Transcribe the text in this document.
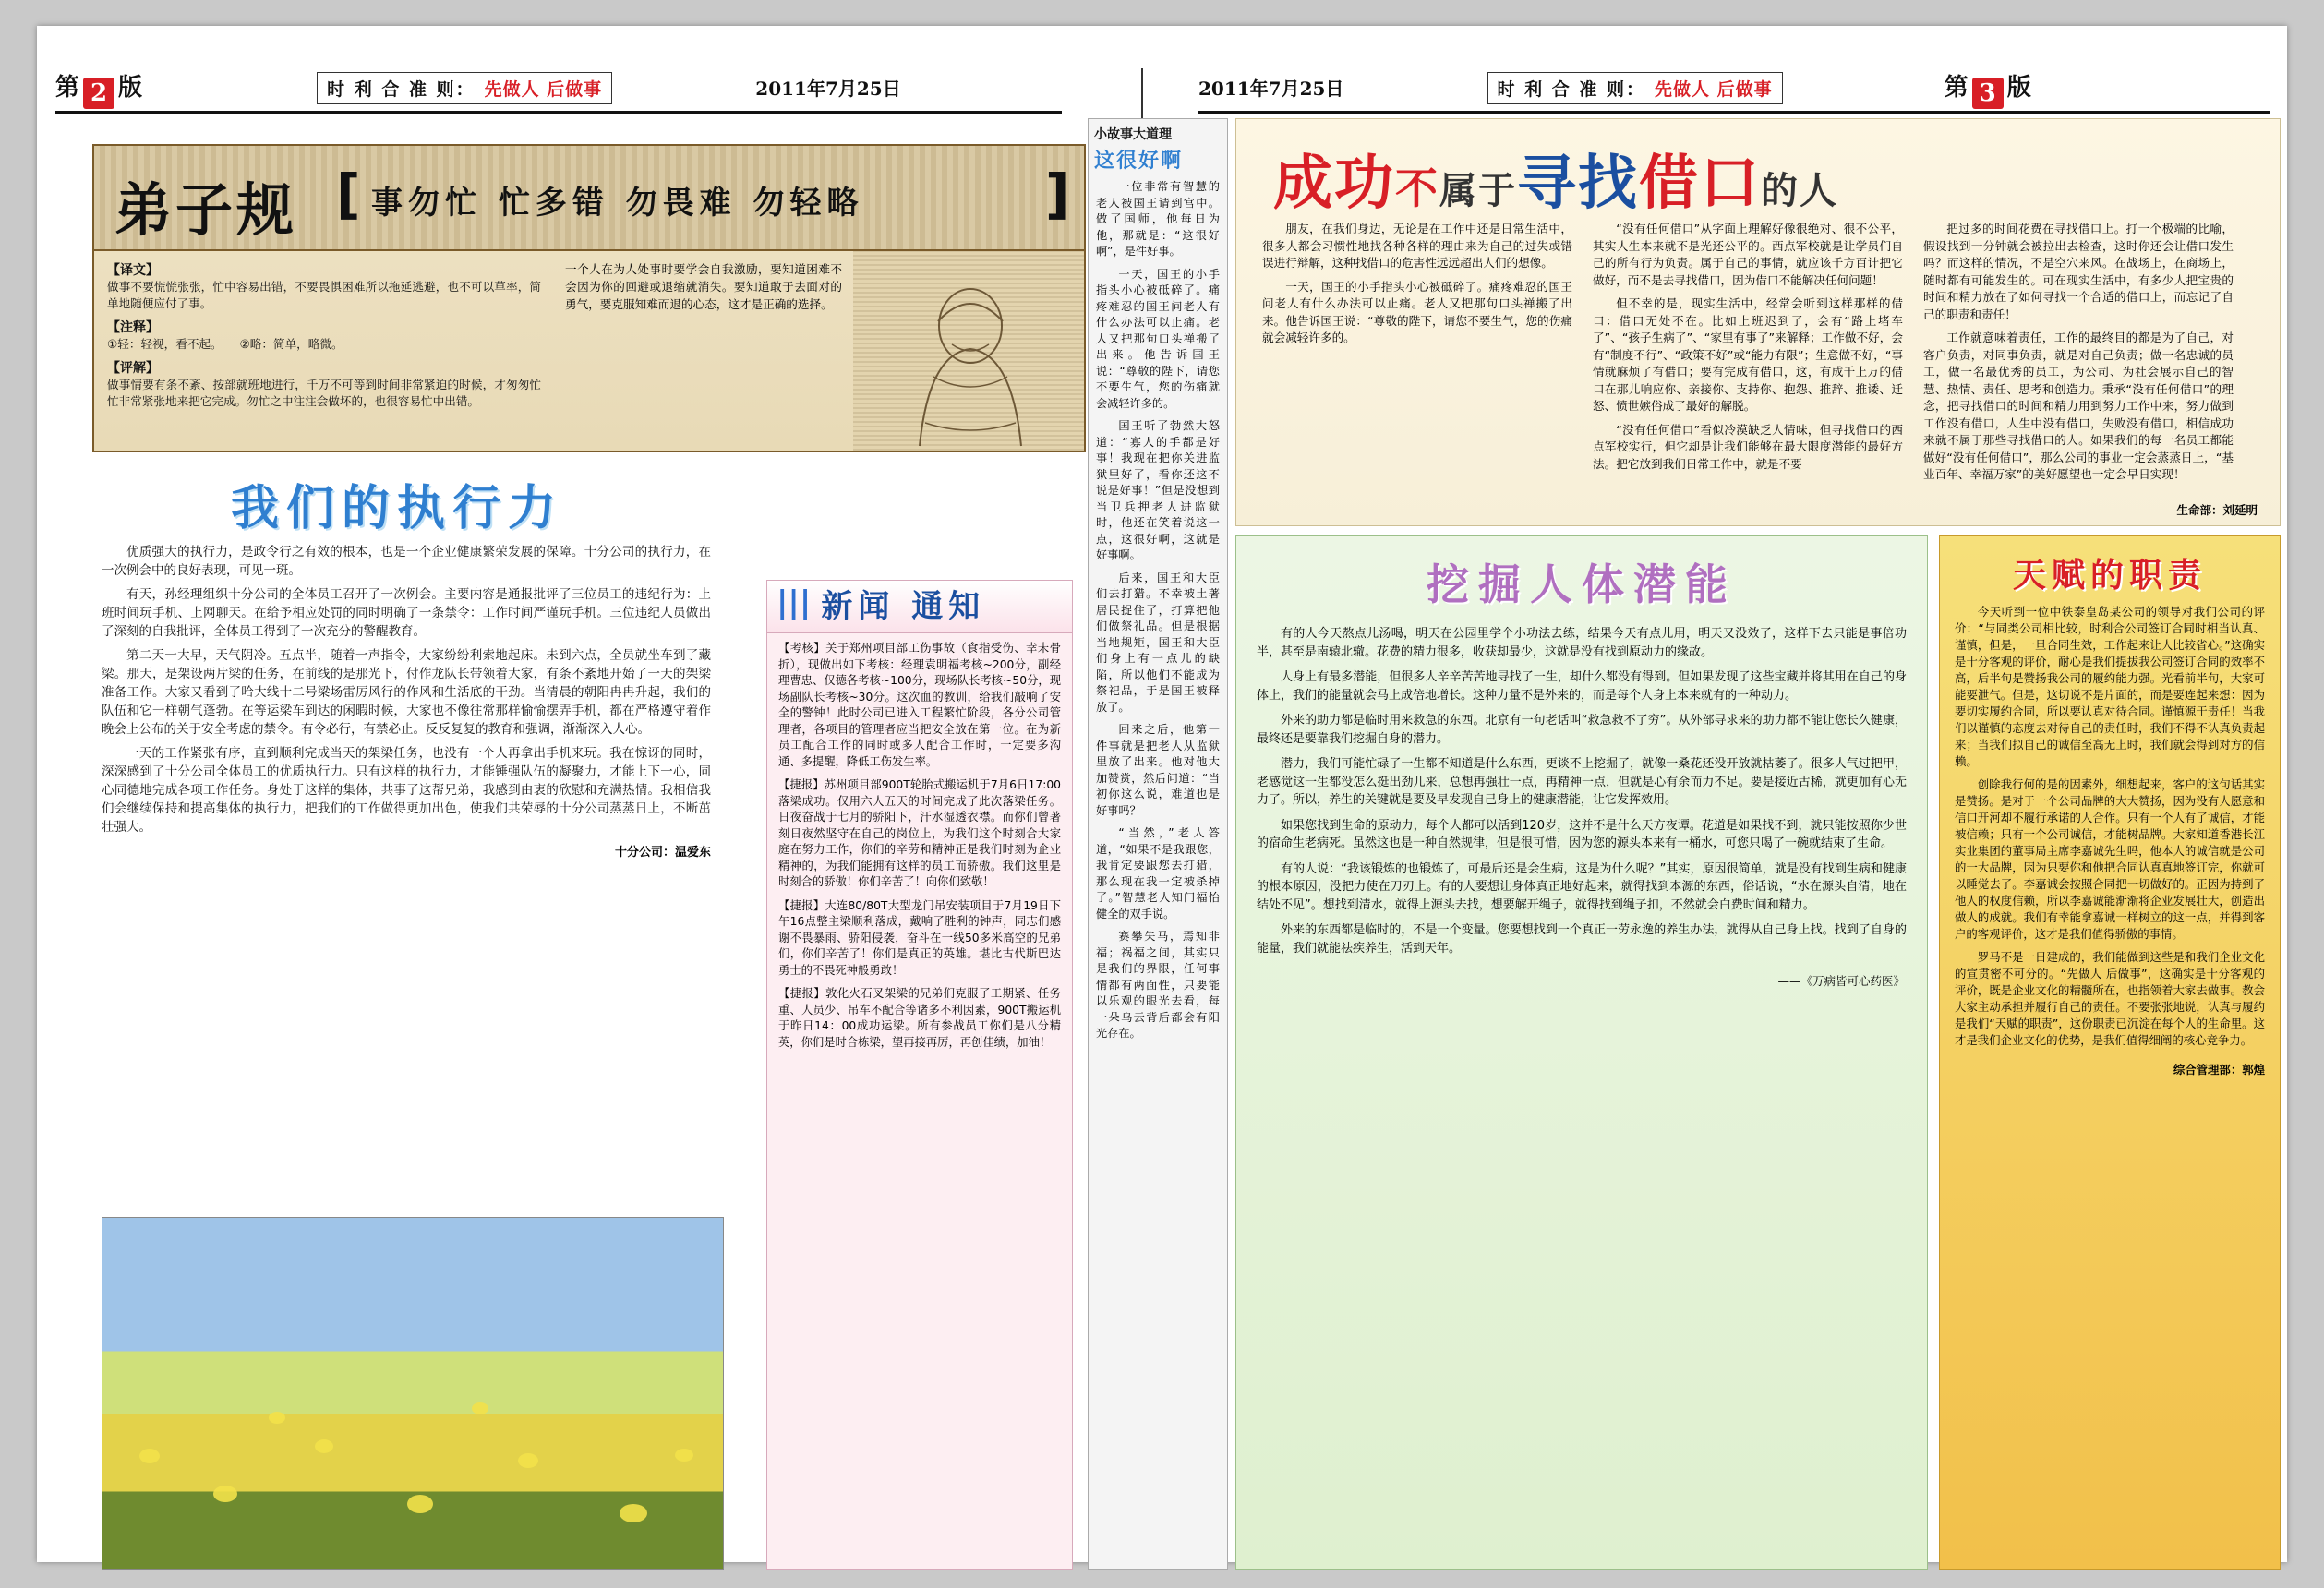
第 2 版	时 利 合 准 则： 先做人 后做事	2011年7月25日	2011年7月25日	时 利 合 准 则： 先做人 后做事	第 3 版
弟子规 [ 事勿忙 忙多错 勿畏难 勿轻略	]
【译文】
做事不要慌慌张张，忙中容易出错，不要畏惧困难所以拖延逃避，也不可以草率，简单地随便应付了事。
【注释】
①轻：轻视，看不起。　　②略：简单，略微。
【评解】
做事情要有条不紊、按部就班地进行，千万不可等到时间非常紧迫的时候，才匆匆忙忙非常紧张地来把它完成。勿忙之中注注会做坏的，也很容易忙中出错。
一个人在为人处事时要学会自我激励，要知道困难不会因为你的回避或退缩就消失。要知道敢于去面对的勇气，要克服知难而退的心态，这才是正确的选择。
我们的执行力

优质强大的执行力，是政令行之有效的根本，也是一个企业健康繁荣发展的保障。十分公司的执行力，在一次例会中的良好表现，可见一斑。

有天，孙经理组织十分公司的全体员工召开了一次例会。主要内容是通报批评了三位员工的违纪行为：上班时间玩手机、上网聊天。在给予相应处罚的同时明确了一条禁令：工作时间严谨玩手机。三位违纪人员做出了深刻的自我批评，全体员工得到了一次充分的警醒教育。

第二天一大早，天气阴冷。五点半，随着一声指令，大家纷纷利索地起床。未到六点，全员就坐车到了藏梁。那天，是架设两片梁的任务，在前线的是那光下，付作龙队长带领着大家，有条不紊地开始了一天的架梁准备工作。大家又看到了哈大线十二号梁场雷厉风行的作风和生活底的干劲。当清晨的朝阳冉冉升起，我们的队伍和它一样朝气蓬勃。在等运梁车到达的闲暇时候，大家也不像往常那样愉愉摆弄手机，都在严格遵守着作晚会上公布的关于安全考虑的禁令。有令必行，有禁必止。反反复复的教育和强调，渐渐深入人心。

一天的工作紧张有序，直到顺利完成当天的架梁任务，也没有一个人再拿出手机来玩。我在惊讶的同时，深深感到了十分公司全体员工的优质执行力。只有这样的执行力，才能锤强队伍的凝聚力，才能上下一心，同心同德地完成各项工作任务。身处于这样的集体，共事了这帮兄弟，我感到由衷的欣慰和充满热情。我相信我们会继续保持和提高集体的执行力，把我们的工作做得更加出色，使我们共荣辱的十分公司蒸蒸日上，不断茁壮强大。

十分公司：温爱东
||| 新闻 通知

【考核】关于郑州项目部工伤事故（食指受伤、幸未骨折），现做出如下考核：经理袁明福考核~200分，副经理曹忠、仅德各考核~100分，现场队长考核~50分，现场副队长考核~30分。这次血的教训，给我们敲响了安全的警钟！此时公司已进入工程繁忙阶段，各分公司管理者，各项目的管理者应当把安全放在第一位。在为新员工配合工作的同时或多人配合工作时，一定要多沟通、多提醒，降低工伤发生率。

【捷报】苏州项目部900T轮胎式搬运机于7月6日17:00落梁成功。仅用六人五天的时间完成了此次落梁任务。日夜奋战于七月的骄阳下，汗水湿透衣襟。而你们曾著刻日夜然坚守在自己的岗位上，为我们这个时刻合大家庭在努力工作，你们的辛劳和精神正是我们时刻为企业精神的，为我们能拥有这样的员工而骄傲。我们这里是时刻合的骄傲！你们辛苦了！向你们致敬！

【捷报】大连80/80T大型龙门吊安装项目于7月19日下午16点整主梁顺利落成，戴响了胜利的钟声，同志们感谢不畏暴雨、骄阳侵袭，奋斗在一线50多米高空的兄弟们，你们辛苦了！你们是真正的英雄。堪比古代斯巴达勇士的不畏死神般勇敢！

【捷报】敦化火石叉架梁的兄弟们克服了工期紧、任务重、人员少、吊车不配合等诸多不利因素，900T搬运机于昨日14：00成功运梁。所有参战员工你们是八分精英，你们是时合栋梁，望再接再厉，再创佳绩，加油！

小故事大道理
这很好啊

一位非常有智慧的老人被国王请到宫中。做了国师，他每日为他，那就是：“这很好啊”，是件好事。

一天，国王的小手指头小心被砥碎了。痛疼难忍的国王问老人有什么办法可以止痛。老人又把那句口头禅搬了出来。他告诉国王说：“尊敬的陛下，请您不要生气，您的伤痛就会减轻许多的。

国王听了勃然大怒道：“寡人的手都是好事！我现在把你关进监狱里好了，看你还这不说是好事！”但是没想到当卫兵押老人进监狱时，他还在笑着说这一点，这很好啊，这就是好事啊。

后来，国王和大臣们去打猎。不幸被土著居民捉住了，打算把他们做祭礼品。但是根据当地规矩，国王和大臣们身上有一点儿的缺陷，所以他们不能成为祭祀品，于是国王被释放了。

回来之后，他第一件事就是把老人从监狱里放了出来。他对他大加赞赏，然后问道：“当初你这么说，难道也是好事吗？

“当然，”老人答道，“如果不是我跟您，我肯定要跟您去打猎，那么现在我一定被杀掉了。”智慧老人知门福怡健全的双手说。

赛攀失马，焉知非福；祸福之间，其实只是我们的界限，任何事情都有两面性，只要能以乐观的眼光去看，每一朵乌云背后都会有阳光存在。

成功不属于寻找借口的人

朋友，在我们身边，无论是在工作中还是日常生活中，很多人都会习惯性地找各种各样的理由来为自己的过失或错误进行辩解，这种找借口的危害性远远超出人们的想像。

一天，国王的小手指头小心被砥碎了。痛疼难忍的国王问老人有什么办法可以止痛。老人又把那句口头禅搬了出来。他告诉国王说：“尊敬的陛下，请您不要生气，您的伤痛就会减轻许多的。

“没有任何借口”从字面上理解好像很绝对、很不公平，其实人生本来就不是光还公平的。西点军校就是让学员们自己的所有行为负责。属于自己的事情，就应该千方百计把它做好，而不是去寻找借口，因为借口不能解决任何问题！

但不幸的是，现实生活中，经常会听到这样那样的借口：借口无处不在。比如上班迟到了，会有“路上堵车了”、“孩子生病了”、“家里有事了”来解释；工作做不好，会有“制度不行”、“政策不好”或“能力有限”；生意做不好，“事情就麻烦了有借口；要有完成有借口，这，有成千上万的借口在那儿响应你、亲接你、支持你、抱怨、推辞、推诿、迁怒、愤世嫉俗成了最好的解脱。

“没有任何借口”看似冷漠缺乏人情味，但寻找借口的西点军校实行，但它却是让我们能够在最大限度潜能的最好方法。把它放到我们日常工作中，就是不要

把过多的时间花费在寻找借口上。打一个极端的比喻，假设找到一分钟就会被拉出去检查，这时你还会让借口发生吗？而这样的情况，不是空穴来风。在战场上，在商场上，随时都有可能发生的。可在现实生活中，有多少人把宝贵的时间和精力放在了如何寻找一个合适的借口上，而忘记了自己的职责和责任！

工作就意味着责任，工作的最终目的都是为了自己，对客户负责，对同事负责，就是对自己负责；做一名忠诚的员工，做一名最优秀的员工，为公司、为社会展示自己的智慧、热情、责任、思考和创造力。秉承“没有任何借口”的理念，把寻找借口的时间和精力用到努力工作中来，努力做到工作没有借口，人生中没有借口，失败没有借口，相信成功来就不属于那些寻找借口的人。如果我们的每一名员工都能做好“没有任何借口”，那么公司的事业一定会蒸蒸日上，“基业百年、幸福万家”的美好愿望也一定会早日实现！

生命部：刘延明
挖掘人体潜能

有的人今天熬点儿汤喝，明天在公园里学个小功法去练，结果今天有点儿用，明天又没效了，这样下去只能是事倍功半，甚至是南辕北辙。花费的精力很多，收获却最少，这就是没有找到原动力的缘故。

人身上有最多潜能，但很多人辛辛苦苦地寻找了一生，却什么都没有得到。但如果发现了这些宝藏并将其用在自己的身体上，我们的能量就会马上成倍地增长。这种力量不是外来的，而是每个人身上本来就有的一种动力。

外来的助力都是临时用来救急的东西。北京有一句老话叫“救急救不了穷”。从外部寻求来的助力都不能让您长久健康，最终还是要靠我们挖掘自身的潜力。

潜力，我们可能忙碌了一生都不知道是什么东西，更谈不上挖掘了，就像一桑花还没开放就枯萎了。很多人气过把甲，老感觉这一生都没怎么挺出劲儿来，总想再强壮一点，再精神一点，但就是心有余而力不足。要是接近古稀，就更加有心无力了。所以，养生的关键就是要及早发现自己身上的健康潜能，让它发挥效用。

如果您找到生命的原动力，每个人都可以活到120岁，这并不是什么天方夜谭。花道是如果找不到，就只能按照你少世的宿命生老病死。虽然这也是一种自然规律，但是很可惜，因为您的源头本来有一桶水，可您只喝了一碗就结束了生命。

有的人说：“我该锻炼的也锻炼了，可最后还是会生病，这是为什么呢？”其实，原因很简单，就是没有找到生病和健康的根本原因，没把力使在刀刃上。有的人要想让身体真正地好起来，就得找到本源的东西，俗话说，“水在源头自清，地在结处不见”。想找到清水，就得上源头去找，想要解开绳子，就得找到绳子扣，不然就会白费时间和精力。

外来的东西都是临时的，不是一个变量。您要想找到一个真正一劳永逸的养生办法，就得从自己身上找。找到了自身的能量，我们就能祛疾养生，活到天年。

——《万病皆可心药医》
天赋的职责

今天听到一位中铁泰皇岛某公司的领导对我们公司的评价：“与同类公司相比较，时利合公司签订合同时相当认真、谨慎，但是，一旦合同生效，工作起来让人比较省心。”这确实是十分客观的评价，耐心是我们提拔我公司签订合同的效率不高，后半句是赞扬我公司的履约能力强。光看前半句，大家可能要泄气。但是，这切说不是片面的，而是要连起来想：因为要切实履约合同，所以要认真对待合同。谨慎源于责任！当我们以谨慎的态度去对待自己的责任时，我们不得不认真负责起来；当我们拟自己的诚信至高无上时，我们就会得到对方的信赖。

创除我行何的是的因素外，细想起来，客户的这句话其实是赞扬。是对于一个公司品牌的大大赞扬，因为没有人愿意和信口开河却不履行承诺的人合作。只有一个人有了诚信，才能被信赖；只有一个公司诚信，才能树品牌。大家知道香港长江实业集团的董事局主席李嘉诚先生吗，他本人的诚信就是公司的一大品牌，因为只要你和他把合同认真真地签订完，你就可以睡觉去了。李嘉诚会按照合同把一切做好的。正因为持到了他人的权度信赖，所以李嘉诚能渐渐将企业发展壮大，创造出做人的成就。我们有幸能拿嘉诚一样树立的这一点，并得到客户的客观评价，这才是我们值得骄傲的事情。

罗马不是一日建成的，我们能做到这些是和我们企业文化的宣贯密不可分的。“先做人 后做事”，这确实是十分客观的评价，既是企业文化的精髓所在，也指领着大家去做事。教会大家主动承担并履行自己的责任。不要张张地说，认真与履约是我们“天赋的职责”，这份职责已沉淀在每个人的生命里。这才是我们企业文化的优势，是我们值得细阐的核心竞争力。

综合管理部：郭煌
